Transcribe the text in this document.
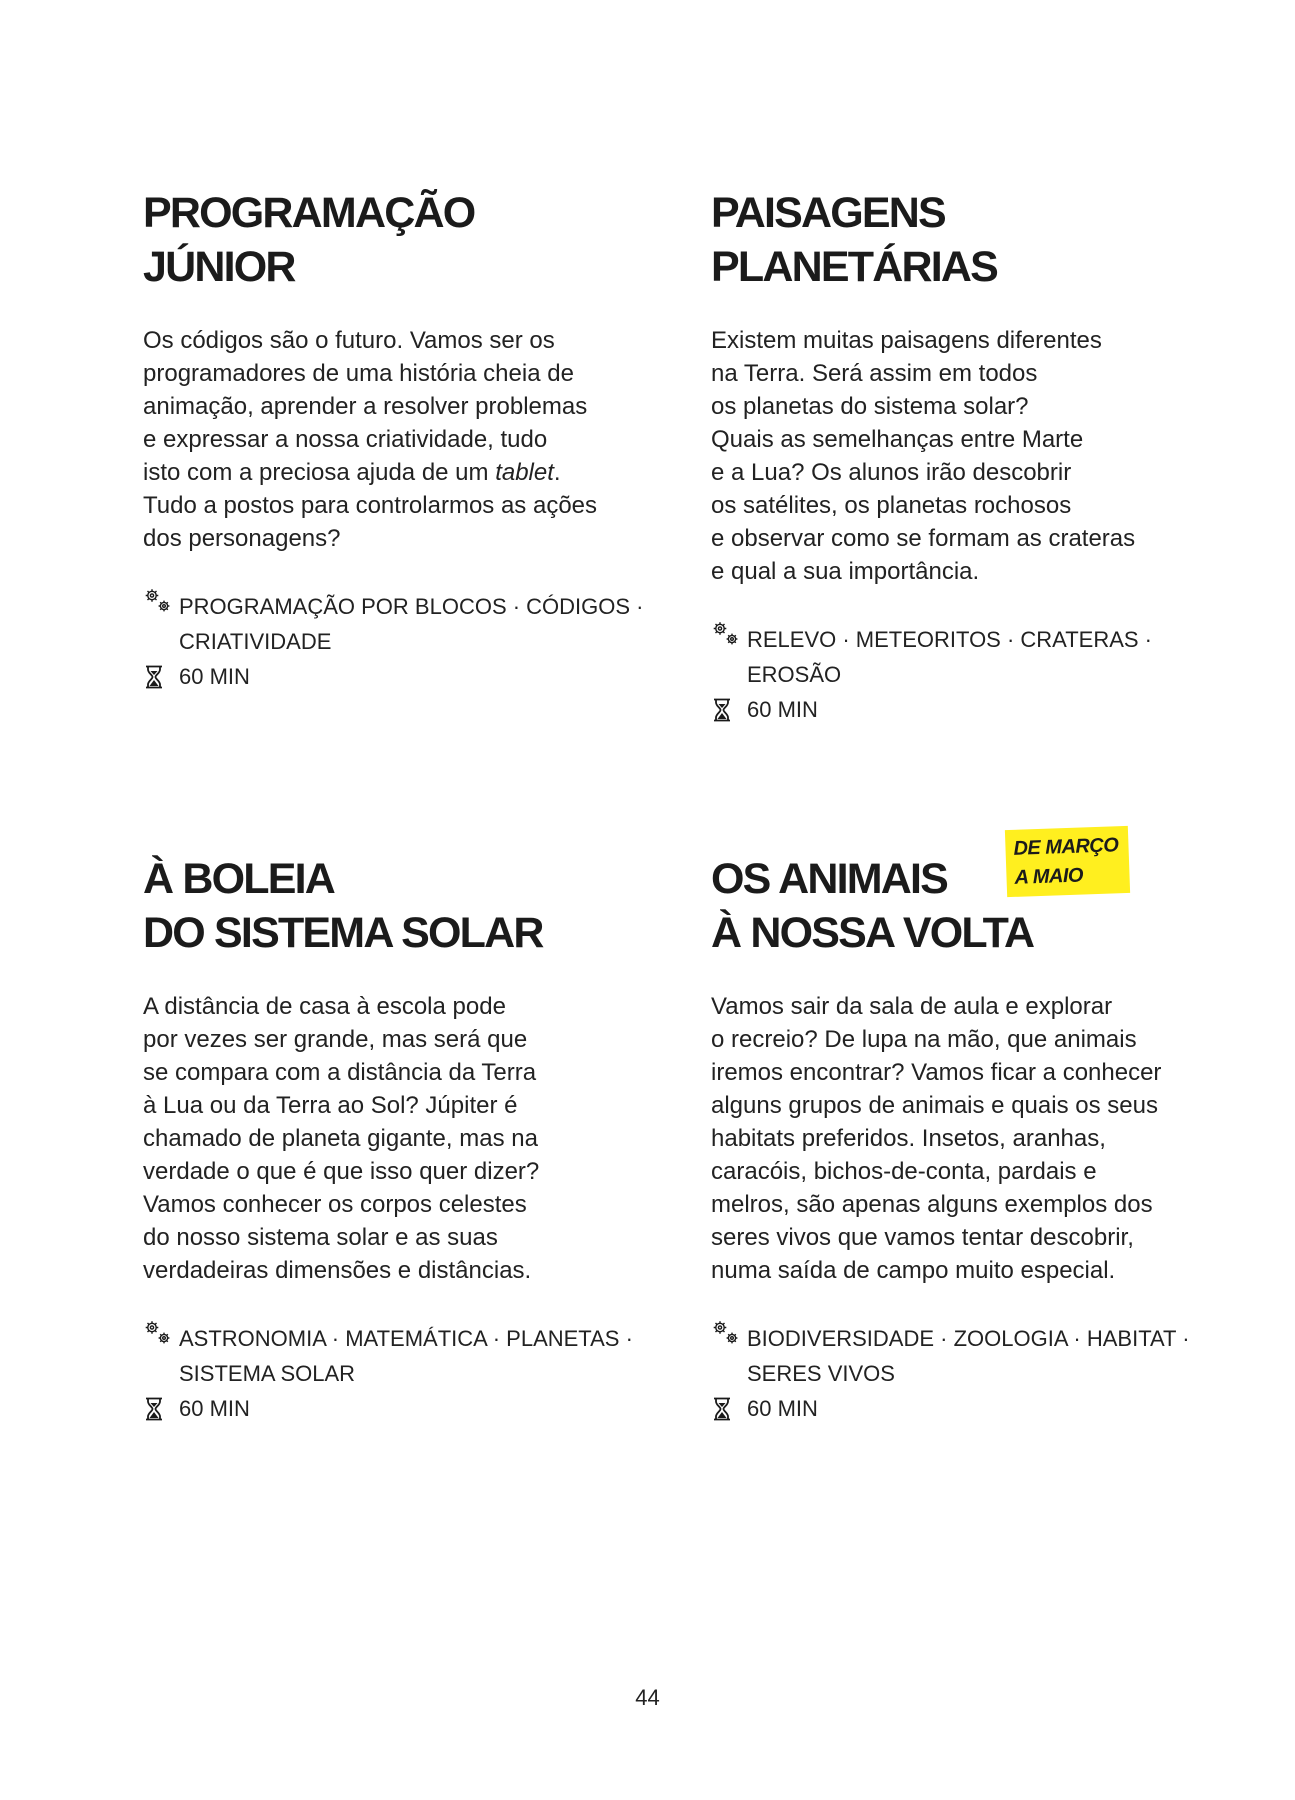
PROGRAMAÇÃO
JÚNIOR

Os códigos são o futuro. Vamos ser os

programadores de uma história cheia de

animação, aprender a resolver problemas

e expressar a nossa criatividade, tudo

isto com a preciosa ajuda de um tablet.

Tudo a postos para controlarmos as ações

dos personagens?

PROGRAMAÇÃO POR BLOCOS · CÓDIGOS ·
CRIATIVIDADE
60 MIN
PAISAGENS
PLANETÁRIAS

Existem muitas paisagens diferentes

na Terra. Será assim em todos

os planetas do sistema solar?

Quais as semelhanças entre Marte

e a Lua? Os alunos irão descobrir

os satélites, os planetas rochosos

e observar como se formam as crateras

e qual a sua importância.

RELEVO · METEORITOS · CRATERAS ·
EROSÃO
60 MIN
À BOLEIA
DO SISTEMA SOLAR

A distância de casa à escola pode

por vezes ser grande, mas será que

se compara com a distância da Terra

à Lua ou da Terra ao Sol? Júpiter é

chamado de planeta gigante, mas na

verdade o que é que isso quer dizer?

Vamos conhecer os corpos celestes

do nosso sistema solar e as suas

verdadeiras dimensões e distâncias.

ASTRONOMIA · MATEMÁTICA · PLANETAS ·
SISTEMA SOLAR
60 MIN
OS ANIMAIS
À NOSSA VOLTA

Vamos sair da sala de aula e explorar

o recreio? De lupa na mão, que animais

iremos encontrar? Vamos ficar a conhecer

alguns grupos de animais e quais os seus

habitats preferidos. Insetos, aranhas,

caracóis, bichos-de-conta, pardais e

melros, são apenas alguns exemplos dos

seres vivos que vamos tentar descobrir,

numa saída de campo muito especial.

BIODIVERSIDADE · ZOOLOGIA · HABITAT ·
SERES VIVOS
60 MIN
DE MARÇO
A MAIO
44
